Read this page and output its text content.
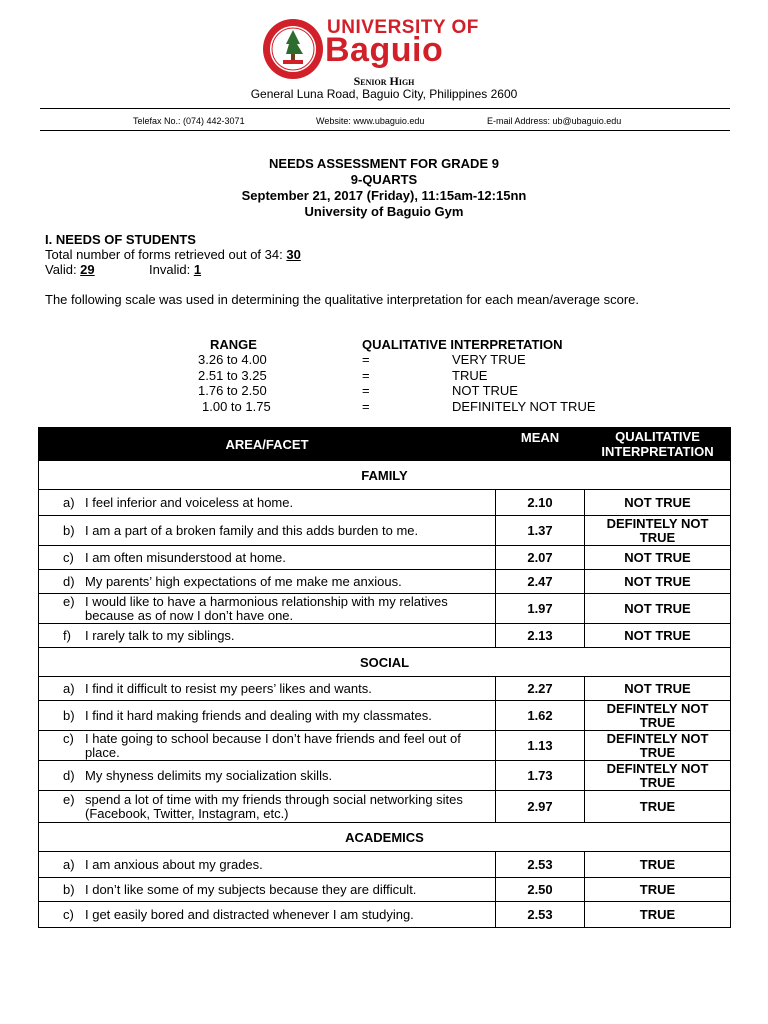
UNIVERSITY OF
Baguio
Senior High
General Luna Road, Baguio City, Philippines 2600
Telefax No.: (074) 442-3071	Website: www.ubaguio.edu	E-mail Address: ub@ubaguio.edu
NEEDS ASSESSMENT FOR GRADE 9
9-QUARTS
September 21, 2017 (Friday), 11:15am-12:15nn
University of Baguio Gym
I. NEEDS OF STUDENTS
Total number of forms retrieved out of 34: 30
Valid: 29	Invalid: 1
The following scale was used in determining the qualitative interpretation for each mean/average score.
RANGE	QUALITATIVE INTERPRETATION
3.26 to 4.00	=	VERY TRUE
2.51 to 3.25	=	TRUE
1.76 to 2.50	=	NOT TRUE
1.00 to 1.75	=	DEFINITELY NOT TRUE
AREA/FACET	MEAN	QUALITATIVE INTERPRETATION
FAMILY		

a) I feel inferior and voiceless at home.	2.10	NOT TRUE

b) I am a part of a broken family and this adds burden to me.	1.37	DEFINTELY NOT TRUE

c) I am often misunderstood at home.	2.07	NOT TRUE

d) My parents’ high expectations of me make me anxious.	2.47	NOT TRUE

e) I would like to have a harmonious relationship with my relatives because as of now I don’t have one.	1.97	NOT TRUE

f) I rarely talk to my siblings.	2.13	NOT TRUE
SOCIAL		

a) I find it difficult to resist my peers’ likes and wants.	2.27	NOT TRUE

b) I find it hard making friends and dealing with my classmates.	1.62	DEFINTELY NOT TRUE

c) I hate going to school because I don’t have friends and feel out of place.	1.13	DEFINTELY NOT TRUE

d) My shyness delimits my socialization skills.	1.73	DEFINTELY NOT TRUE

e) spend a lot of time with my friends through social networking sites (Facebook, Twitter, Instagram, etc.)	2.97	TRUE
ACADEMICS		

a) I am anxious about my grades.	2.53	TRUE

b) I don’t like some of my subjects because they are difficult.	2.50	TRUE

c) I get easily bored and distracted whenever I am studying.	2.53	TRUE
